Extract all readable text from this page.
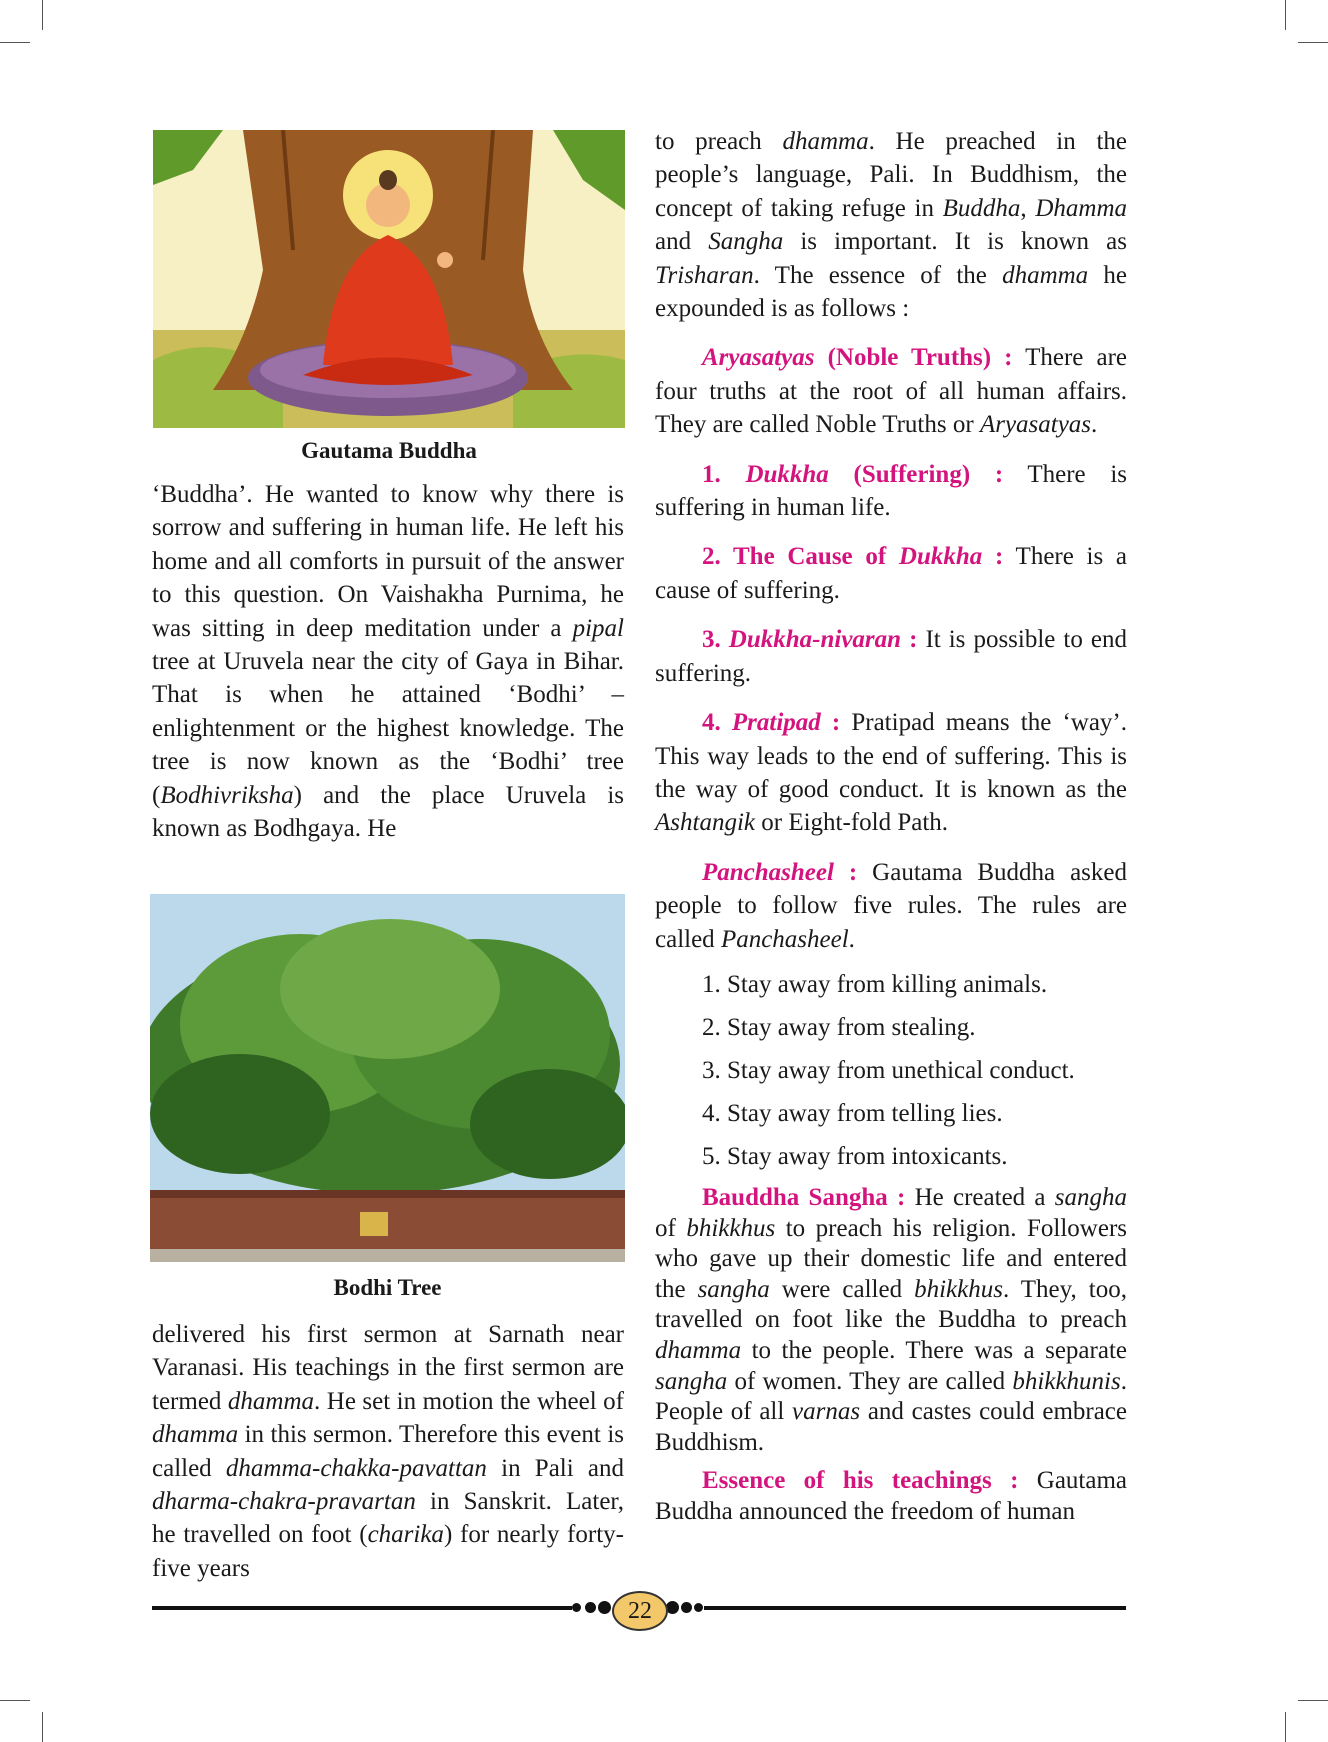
Gautama Buddha

‘Buddha’. He wanted to know why there is sorrow and suffering in human life. He left his home and all comforts in pursuit of the answer to this question. On Vaishakha Purnima, he was sitting in deep meditation under a pipal tree at Uruvela near the city of Gaya in Bihar. That is when he attained ‘Bodhi’ – enlightenment or the highest knowledge. The tree is now known as the ‘Bodhi’ tree (Bodhivriksha) and the place Uruvela is known as Bodhgaya. He

Bodhi Tree

delivered his first sermon at Sarnath near Varanasi. His teachings in the first sermon are termed dhamma. He set in motion the wheel of dhamma in this sermon. Therefore this event is called dhamma-chakka-pavattan in Pali and dharma-chakra-pravartan in Sanskrit. Later, he travelled on foot (charika) for nearly forty-five years

to preach dhamma. He preached in the people’s language, Pali. In Buddhism, the concept of taking refuge in Buddha, Dhamma and Sangha is important. It is known as Trisharan. The essence of the dhamma he expounded is as follows :

Aryasatyas (Noble Truths) : There are four truths at the root of all human affairs. They are called Noble Truths or Aryasatyas.

1. Dukkha (Suffering) : There is suffering in human life.

2. The Cause of Dukkha : There is a cause of suffering.

3. Dukkha-nivaran : It is possible to end suffering.

4. Pratipad : Pratipad means the ‘way’. This way leads to the end of suffering. This is the way of good conduct. It is known as the Ashtangik or Eight-fold Path.

Panchasheel : Gautama Buddha asked people to follow five rules. The rules are called Panchasheel.

1. Stay away from killing animals.
2. Stay away from stealing.
3. Stay away from unethical conduct.
4. Stay away from telling lies.
5. Stay away from intoxicants.

Bauddha Sangha : He created a sangha of bhikkhus to preach his religion. Followers who gave up their domestic life and entered the sangha were called bhikkhus. They, too, travelled on foot like the Buddha to preach dhamma to the people. There was a separate sangha of women. They are called bhikkhunis. People of all varnas and castes could embrace Buddhism.

Essence of his teachings : Gautama Buddha announced the freedom of human

22
